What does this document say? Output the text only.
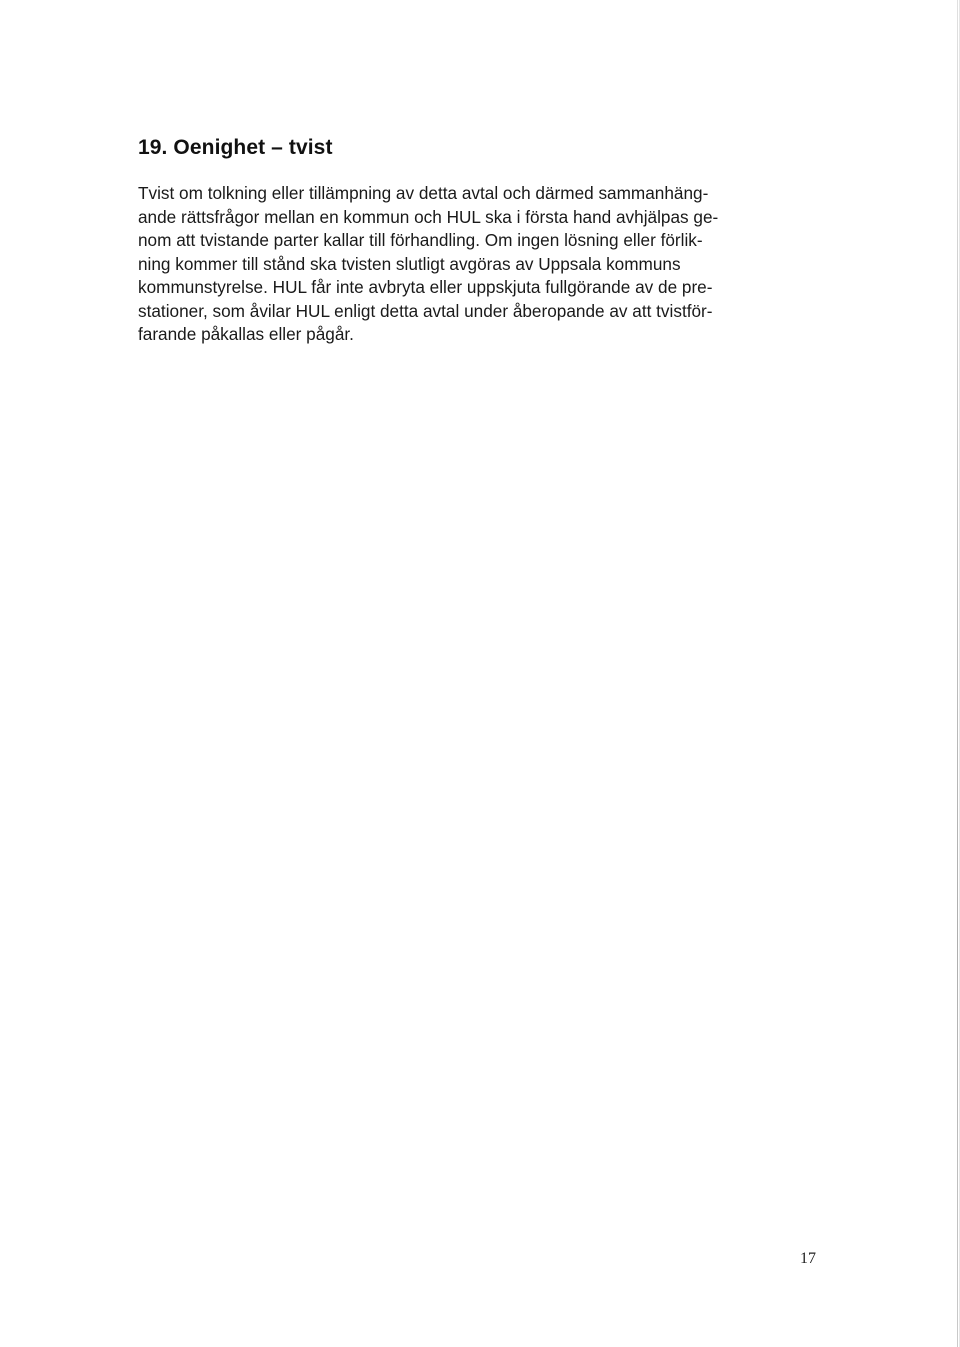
19. Oenighet – tvist
Tvist om tolkning eller tillämpning av detta avtal och därmed sammanhäng-
ande rättsfrågor mellan en kommun och HUL ska i första hand avhjälpas ge-
nom att tvistande parter kallar till förhandling. Om ingen lösning eller förlik-
ning kommer till stånd ska tvisten slutligt avgöras av Uppsala kommuns
kommunstyrelse. HUL får inte avbryta eller uppskjuta fullgörande av de pre-
stationer, som åvilar HUL enligt detta avtal under åberopande av att tvistför-
farande påkallas eller pågår.
17
